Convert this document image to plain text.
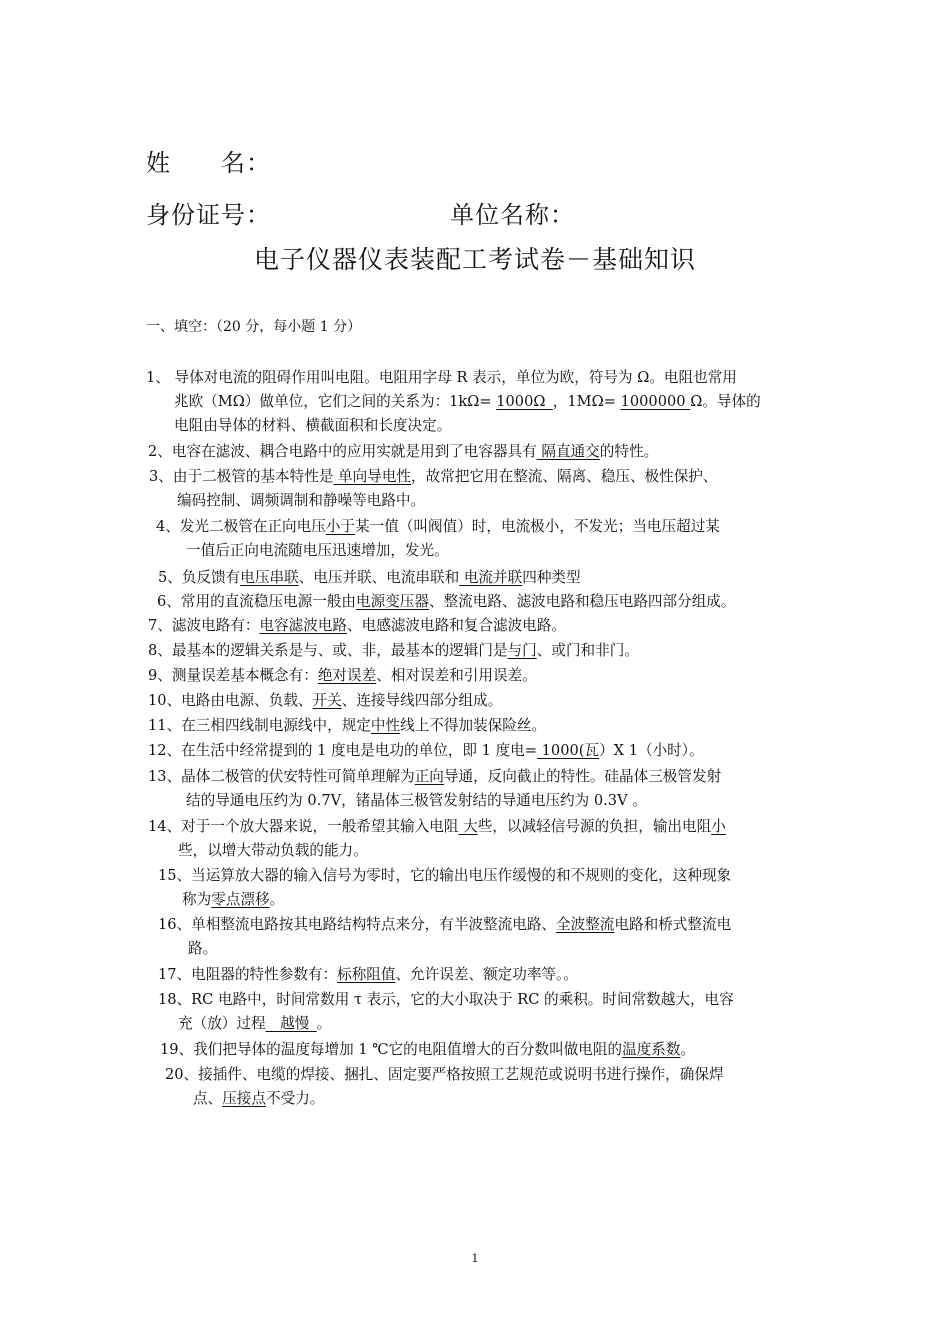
姓　　名：
身份证号：	单位名称：
电子仪器仪表装配工考试卷－基础知识
一、填空：（20 分，每小题 1 分）
1、 导体对电流的阻碍作用叫电阻。电阻用字母 R 表示，单位为欧，符号为 Ω。电阻也常用
兆欧（MΩ）做单位，它们之间的关系为：1kΩ= 1000Ω_，1MΩ= 1000000 Ω。导体的
电阻由导体的材料、横截面积和长度决定。
2、电容在滤波、耦合电路中的应用实就是用到了电容器具有 隔直通交的特性。
3、由于二极管的基本特性是 单向导电性，故常把它用在整流、隔离、稳压、极性保护、
编码控制、调频调制和静噪等电路中。
4、发光二极管在正向电压小于某一值（叫阀值）时，电流极小，不发光；当电压超过某
一值后正向电流随电压迅速增加，发光。
5、负反馈有电压串联、电压并联、电流串联和 电流并联四种类型
6、常用的直流稳压电源一般由电源变压器、整流电路、滤波电路和稳压电路四部分组成。
7、滤波电路有：电容滤波电路、电感滤波电路和复合滤波电路。
8、最基本的逻辑关系是与、或、非，最基本的逻辑门是与门、或门和非门。
9、测量误差基本概念有：绝对误差、相对误差和引用误差。
10、电路由电源、负载、开关、连接导线四部分组成。
11、在三相四线制电源线中，规定中性线上不得加装保险丝。
12、在生活中经常提到的 1 度电是电功的单位，即 1 度电= 1000(瓦）X 1（小时）。
13、晶体二极管的伏安特性可简单理解为正向导通，反向截止的特性。硅晶体三极管发射
结的导通电压约为 0.7V，锗晶体三极管发射结的导通电压约为 0.3V 。
14、对于一个放大器来说，一般希望其输入电阻 大些，以减轻信号源的负担，输出电阻小
些，以增大带动负载的能力。
15、当运算放大器的输入信号为零时，它的输出电压作缓慢的和不规则的变化，这种现象
称为零点漂移。
16、单相整流电路按其电路结构特点来分，有半波整流电路、全波整流电路和桥式整流电
路。
17、电阻器的特性参数有：标称阻值、允许误差、额定功率等。。
18、RC 电路中，时间常数用 τ 表示，它的大小取决于 RC 的乘积。时间常数越大，电容
充（放）过程__越慢_。
19、我们把导体的温度每增加 1 ℃它的电阻值增大的百分数叫做电阻的温度系数。
20、接插件、电缆的焊接、捆扎、固定要严格按照工艺规范或说明书进行操作，确保焊
点、压接点不受力。
1
